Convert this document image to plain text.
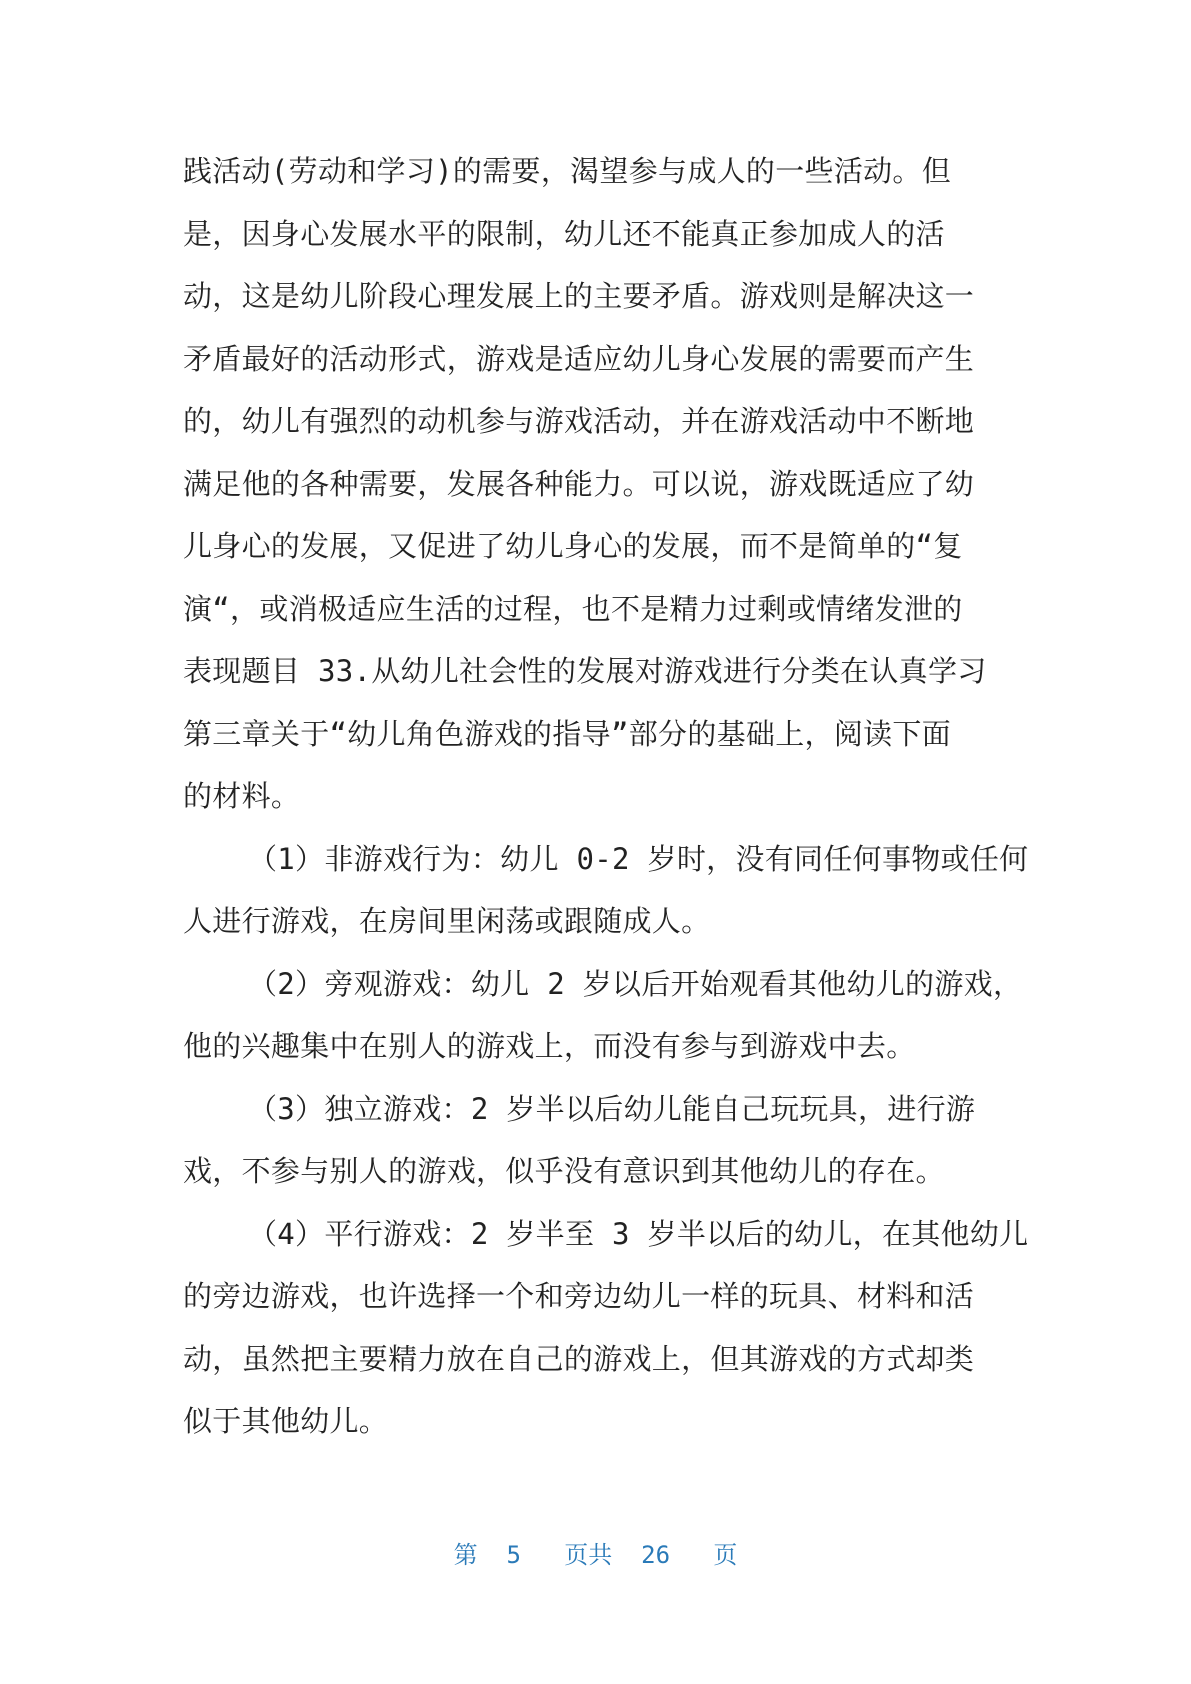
践活动(劳动和学习)的需要，渴望参与成人的一些活动。但
是，因身心发展水平的限制，幼儿还不能真正参加成人的活
动，这是幼儿阶段心理发展上的主要矛盾。游戏则是解决这一
矛盾最好的活动形式，游戏是适应幼儿身心发展的需要而产生
的，幼儿有强烈的动机参与游戏活动，并在游戏活动中不断地
满足他的各种需要，发展各种能力。可以说，游戏既适应了幼
儿身心的发展，又促进了幼儿身心的发展，而不是简单的“复
演“，或消极适应生活的过程，也不是精力过剩或情绪发泄的
表现题目 33.从幼儿社会性的发展对游戏进行分类在认真学习
第三章关于“幼儿角色游戏的指导”部分的基础上，阅读下面
的材料。
（1）非游戏行为：幼儿 0-2 岁时，没有同任何事物或任何
人进行游戏，在房间里闲荡或跟随成人。
（2）旁观游戏：幼儿 2 岁以后开始观看其他幼儿的游戏，
他的兴趣集中在别人的游戏上，而没有参与到游戏中去。
（3）独立游戏：2 岁半以后幼儿能自己玩玩具，进行游
戏，不参与别人的游戏，似乎没有意识到其他幼儿的存在。
（4）平行游戏：2 岁半至 3 岁半以后的幼儿，在其他幼儿
的旁边游戏，也许选择一个和旁边幼儿一样的玩具、材料和活
动，虽然把主要精力放在自己的游戏上，但其游戏的方式却类
似于其他幼儿。
第  5   页共  26   页
